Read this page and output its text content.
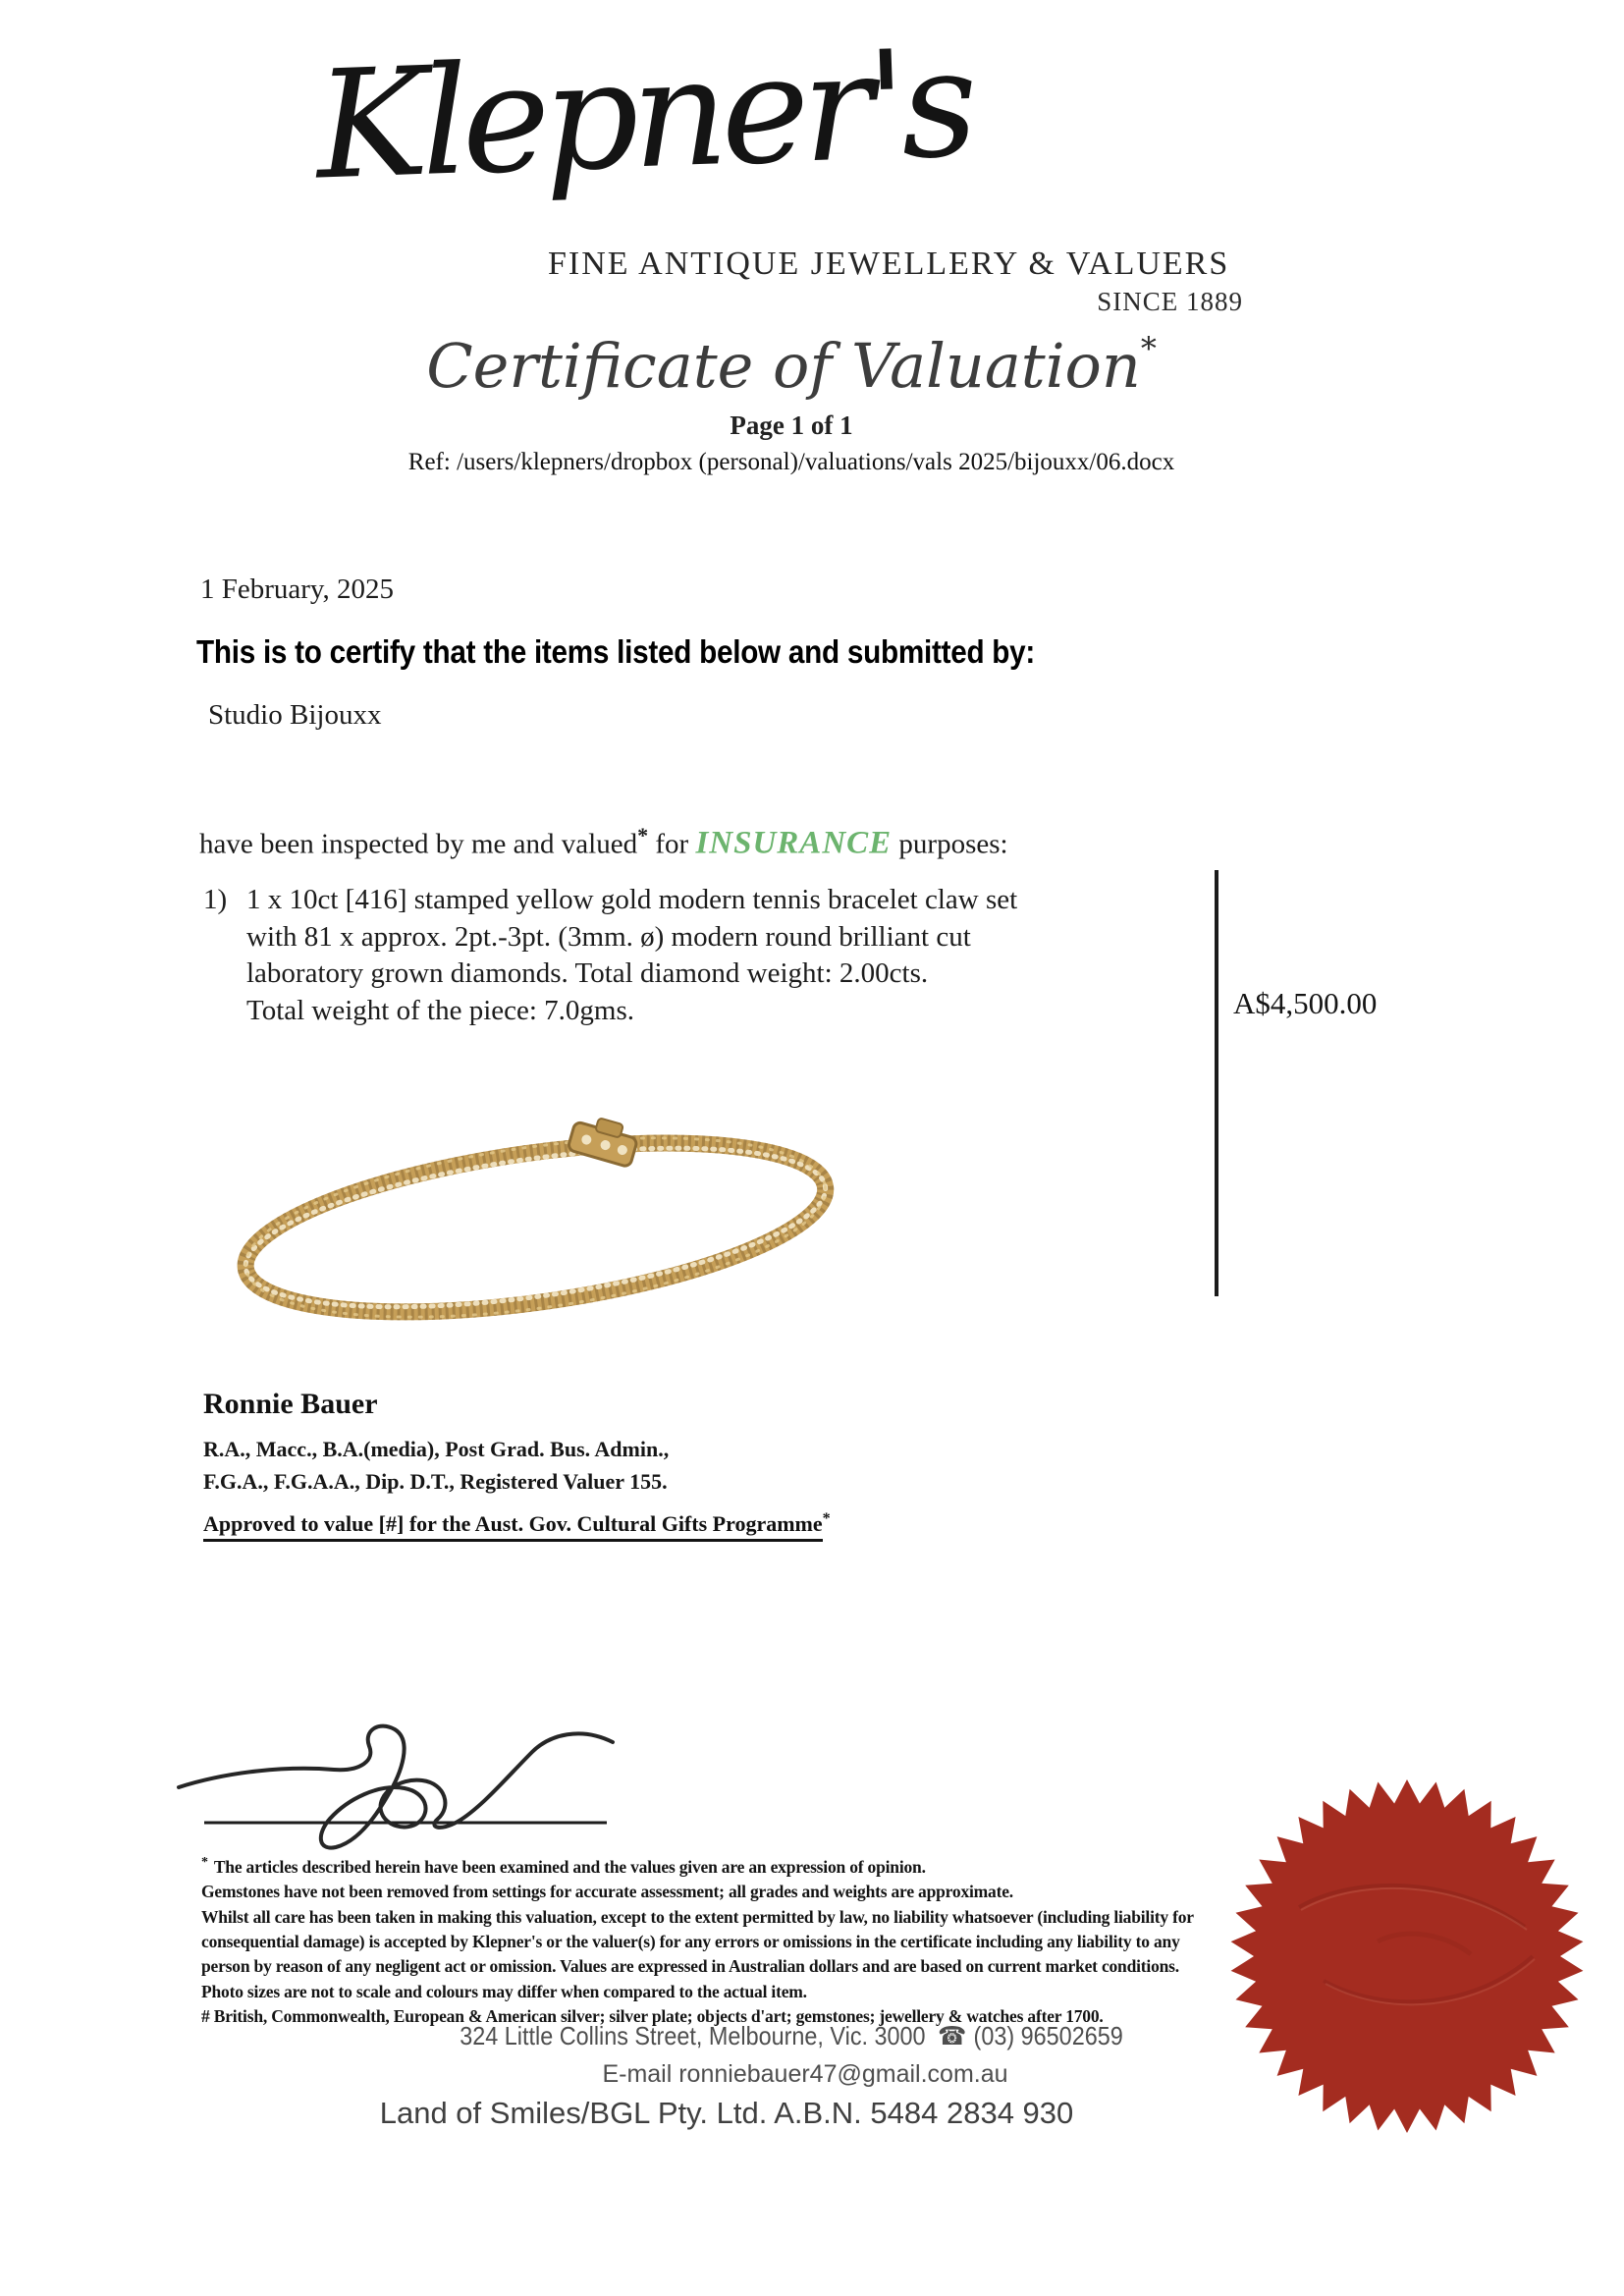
Klepner's
FINE ANTIQUE JEWELLERY & VALUERS
SINCE 1889
Certificate of Valuation*
Page 1 of 1
Ref: /users/klepners/dropbox (personal)/valuations/vals 2025/bijouxx/06.docx
1 February, 2025
This is to certify that the items listed below and submitted by:
Studio Bijouxx
have been inspected by me and valued* for INSURANCE purposes:
1) 1 x 10ct [416] stamped yellow gold modern tennis bracelet claw set
with 81 x approx. 2pt.-3pt. (3mm. ø) modern round brilliant cut
laboratory grown diamonds. Total diamond weight: 2.00cts.
Total weight of the piece: 7.0gms.	A$4,500.00
Ronnie Bauer
R.A., Macc., B.A.(media), Post Grad. Bus. Admin.,
F.G.A., F.G.A.A., Dip. D.T., Registered Valuer 155.
Approved to value [#] for the Aust. Gov. Cultural Gifts Programme*
* The articles described herein have been examined and the values given are an expression of opinion.
Gemstones have not been removed from settings for accurate assessment; all grades and weights are approximate.
Whilst all care has been taken in making this valuation, except to the extent permitted by law, no liability whatsoever (including liability for
consequential damage) is accepted by Klepner's or the valuer(s) for any errors or omissions in the certificate including any liability to any
person by reason of any negligent act or omission. Values are expressed in Australian dollars and are based on current market conditions.
Photo sizes are not to scale and colours may differ when compared to the actual item.
# British, Commonwealth, European & American silver; silver plate; objects d'art; gemstones; jewellery & watches after 1700.
324 Little Collins Street, Melbourne, Vic. 3000 ☎ (03) 96502659
E-mail ronniebauer47@gmail.com.au
Land of Smiles/BGL Pty. Ltd. A.B.N. 5484 2834 930
